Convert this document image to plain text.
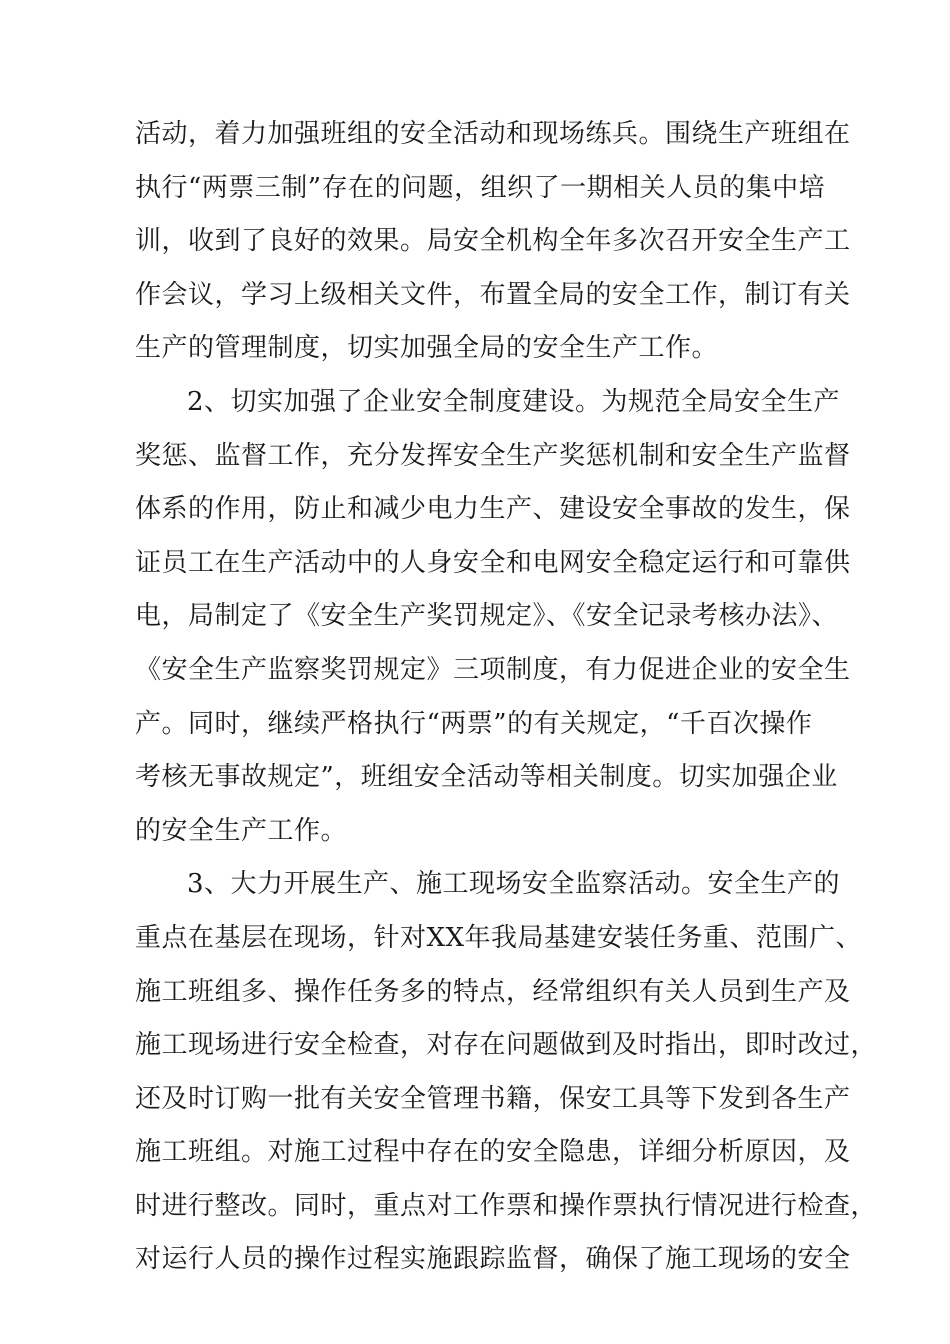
活动，着力加强班组的安全活动和现场练兵。围绕生产班组在
执行“两票三制”存在的问题，组织了一期相关人员的集中培
训，收到了良好的效果。局安全机构全年多次召开安全生产工
作会议，学习上级相关文件，布置全局的安全工作，制订有关
生产的管理制度，切实加强全局的安全生产工作。
2、切实加强了企业安全制度建设。为规范全局安全生产
奖惩、监督工作，充分发挥安全生产奖惩机制和安全生产监督
体系的作用，防止和减少电力生产、建设安全事故的发生，保
证员工在生产活动中的人身安全和电网安全稳定运行和可靠供
电，局制定了《安全生产奖罚规定》、《安全记录考核办法》、
《安全生产监察奖罚规定》三项制度，有力促进企业的安全生
产。同时，继续严格执行“两票”的有关规定，“千百次操作
考核无事故规定”，班组安全活动等相关制度。切实加强企业
的安全生产工作。
3、大力开展生产、施工现场安全监察活动。安全生产的
重点在基层在现场，针对XX年我局基建安装任务重、范围广、
施工班组多、操作任务多的特点，经常组织有关人员到生产及
施工现场进行安全检查，对存在问题做到及时指出，即时改过，
还及时订购一批有关安全管理书籍，保安工具等下发到各生产
施工班组。对施工过程中存在的安全隐患，详细分析原因，及
时进行整改。同时，重点对工作票和操作票执行情况进行检查，
对运行人员的操作过程实施跟踪监督，确保了施工现场的安全
